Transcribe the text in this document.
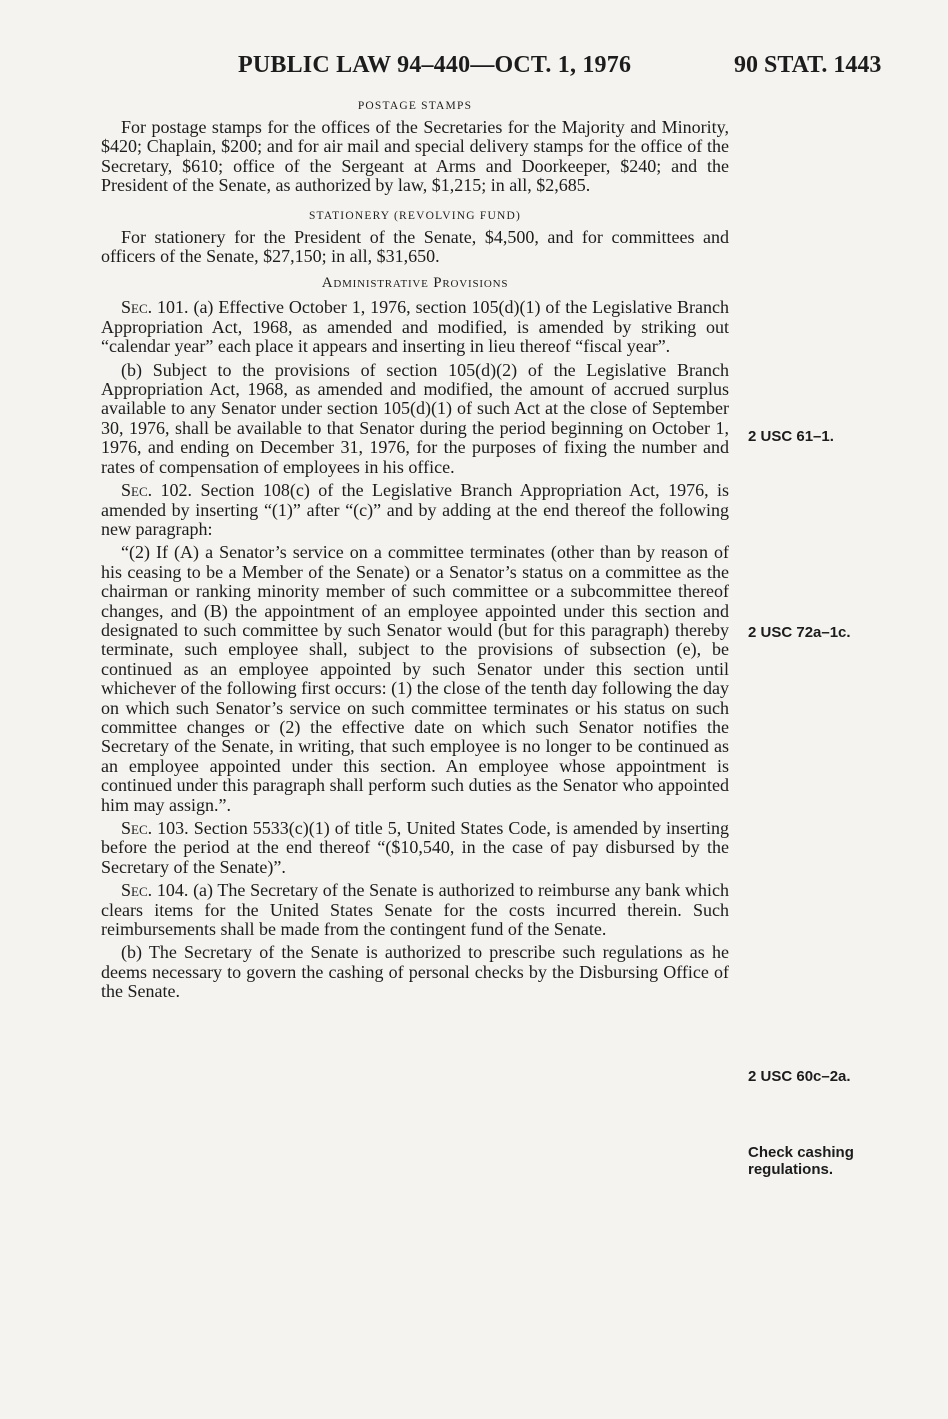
PUBLIC LAW 94–440—OCT. 1, 1976	90 STAT. 1443
POSTAGE STAMPS

For postage stamps for the offices of the Secretaries for the Majority and Minority, $420; Chaplain, $200; and for air mail and special delivery stamps for the office of the Secretary, $610; office of the Sergeant at Arms and Doorkeeper, $240; and the President of the Senate, as authorized by law, $1,215; in all, $2,685.

STATIONERY (REVOLVING FUND)

For stationery for the President of the Senate, $4,500, and for committees and officers of the Senate, $27,150; in all, $31,650.

Administrative Provisions

Sec. 101. (a) Effective October 1, 1976, section 105(d)(1) of the Legislative Branch Appropriation Act, 1968, as amended and modified, is amended by striking out “calendar year” each place it appears and inserting in lieu thereof “fiscal year”.

(b) Subject to the provisions of section 105(d)(2) of the Legislative Branch Appropriation Act, 1968, as amended and modified, the amount of accrued surplus available to any Senator under section 105(d)(1) of such Act at the close of September 30, 1976, shall be available to that Senator during the period beginning on October 1, 1976, and ending on December 31, 1976, for the purposes of fixing the number and rates of compensation of employees in his office.

Sec. 102. Section 108(c) of the Legislative Branch Appropriation Act, 1976, is amended by inserting “(1)” after “(c)” and by adding at the end thereof the following new paragraph:

“(2) If (A) a Senator’s service on a committee terminates (other than by reason of his ceasing to be a Member of the Senate) or a Senator’s status on a committee as the chairman or ranking minority member of such committee or a subcommittee thereof changes, and (B) the appointment of an employee appointed under this section and designated to such committee by such Senator would (but for this paragraph) thereby terminate, such employee shall, subject to the provisions of subsection (e), be continued as an employee appointed by such Senator under this section until whichever of the following first occurs: (1) the close of the tenth day following the day on which such Senator’s service on such committee terminates or his status on such committee changes or (2) the effective date on which such Senator notifies the Secretary of the Senate, in writing, that such employee is no longer to be continued as an employee appointed under this section. An employee whose appointment is continued under this paragraph shall perform such duties as the Senator who appointed him may assign.”.

Sec. 103. Section 5533(c)(1) of title 5, United States Code, is amended by inserting before the period at the end thereof “($10,540, in the case of pay disbursed by the Secretary of the Senate)”.

Sec. 104. (a) The Secretary of the Senate is authorized to reimburse any bank which clears items for the United States Senate for the costs incurred therein. Such reimbursements shall be made from the contingent fund of the Senate.

(b) The Secretary of the Senate is authorized to prescribe such regulations as he deems necessary to govern the cashing of personal checks by the Disbursing Office of the Senate.

2 USC 61–1.
2 USC 72a–1c.
2 USC 60c–2a.
Check cashing
regulations.
